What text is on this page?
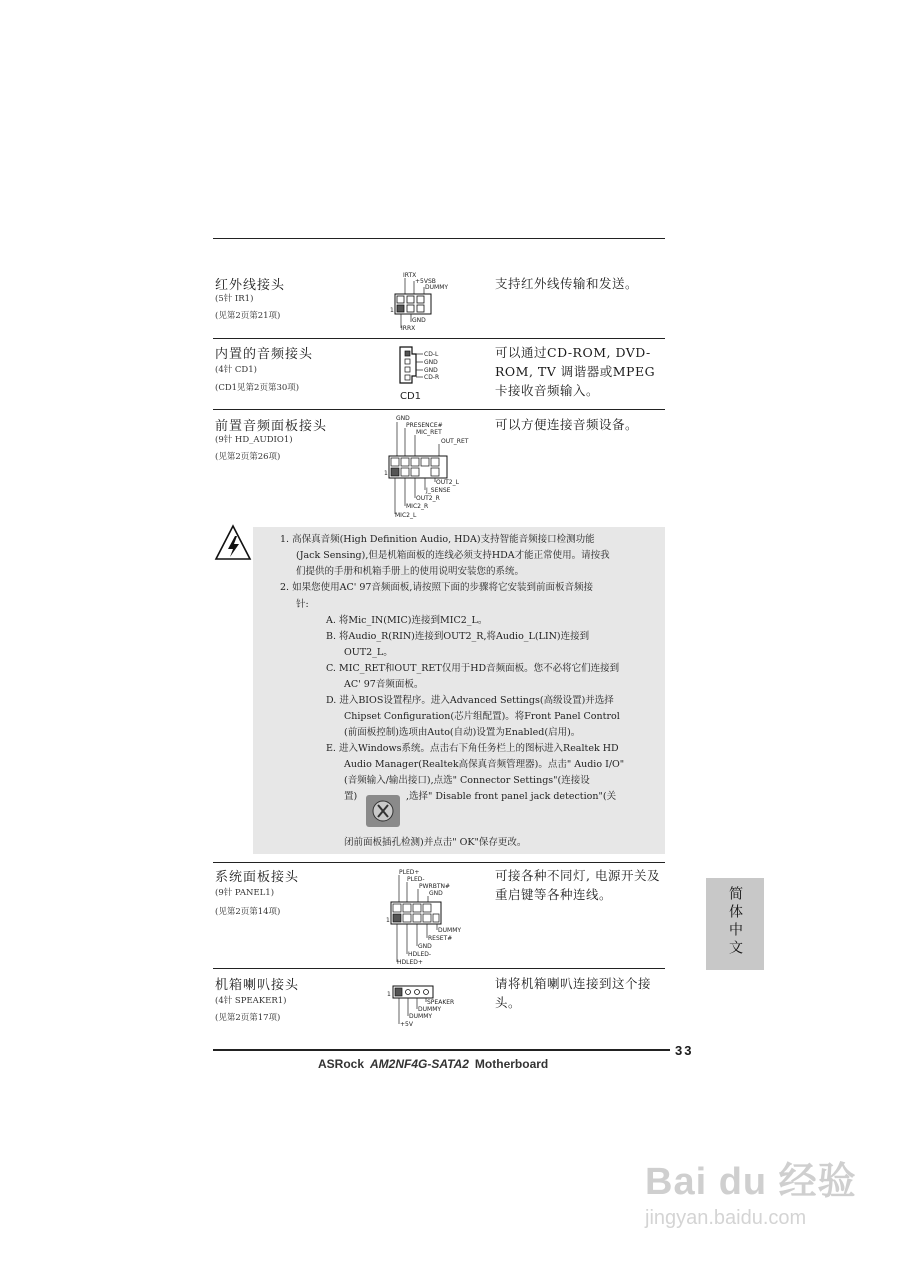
红外线接头
(5针 IR1)
(见第2页第21项)
IRTX
+5VSB
DUMMY
1
GND
IRRX
支持红外线传输和发送。
内置的音频接头
(4针 CD1)
(CD1见第2页第30项)
CD-L
GND
GND
CD-R
CD1
可以通过CD-ROM, DVD-ROM, TV 调谐器或MPEG卡接收音频输入。
前置音频面板接头
(9针 HD_AUDIO1)
(见第2页第26项)
GND
PRESENCE#
MIC_RET
OUT_RET
1
OUT2_L
J_SENSE
OUT2_R
MIC2_R
MIC2_L
可以方便连接音频设备。
1. 高保真音频(High Definition Audio, HDA)支持智能音频接口检测功能
(Jack Sensing),但是机箱面板的连线必须支持HDA才能正常使用。请按我
们提供的手册和机箱手册上的使用说明安装您的系统。
2. 如果您使用AC' 97音频面板,请按照下面的步骤将它安装到前面板音频接
针:
A. 将Mic_IN(MIC)连接到MIC2_L。
B. 将Audio_R(RIN)连接到OUT2_R,将Audio_L(LIN)连接到
OUT2_L。
C. MIC_RET和OUT_RET仅用于HD音频面板。您不必将它们连接到
AC' 97音频面板。
D. 进入BIOS设置程序。进入Advanced Settings(高级设置)并选择
Chipset Configuration(芯片组配置)。将Front Panel Control
(前面板控制)选项由Auto(自动)设置为Enabled(启用)。
E. 进入Windows系统。点击右下角任务栏上的图标进入Realtek HD
Audio Manager(Realtek高保真音频管理器)。点击" Audio I/O"
(音频输入/输出接口),点选" Connector Settings"(连接设
置)	,选择" Disable front panel jack detection"(关
闭前面板插孔检测)并点击" OK"保存更改。
系统面板接头
(9针 PANEL1)
(见第2页第14项)
PLED+
PLED-
PWRBTN#
GND
1
DUMMY
RESET#
GND
HDLED-
HDLED+
可接各种不同灯, 电源开关及重启键等各种连线。
机箱喇叭接头
(4针 SPEAKER1)
(见第2页第17项)
1
SPEAKER
DUMMY
DUMMY
+5V
请将机箱喇叭连接到这个接头。
简体中文
33
ASRock AM2NF4G-SATA2 Motherboard
Bai du 经验
jingyan.baidu.com
